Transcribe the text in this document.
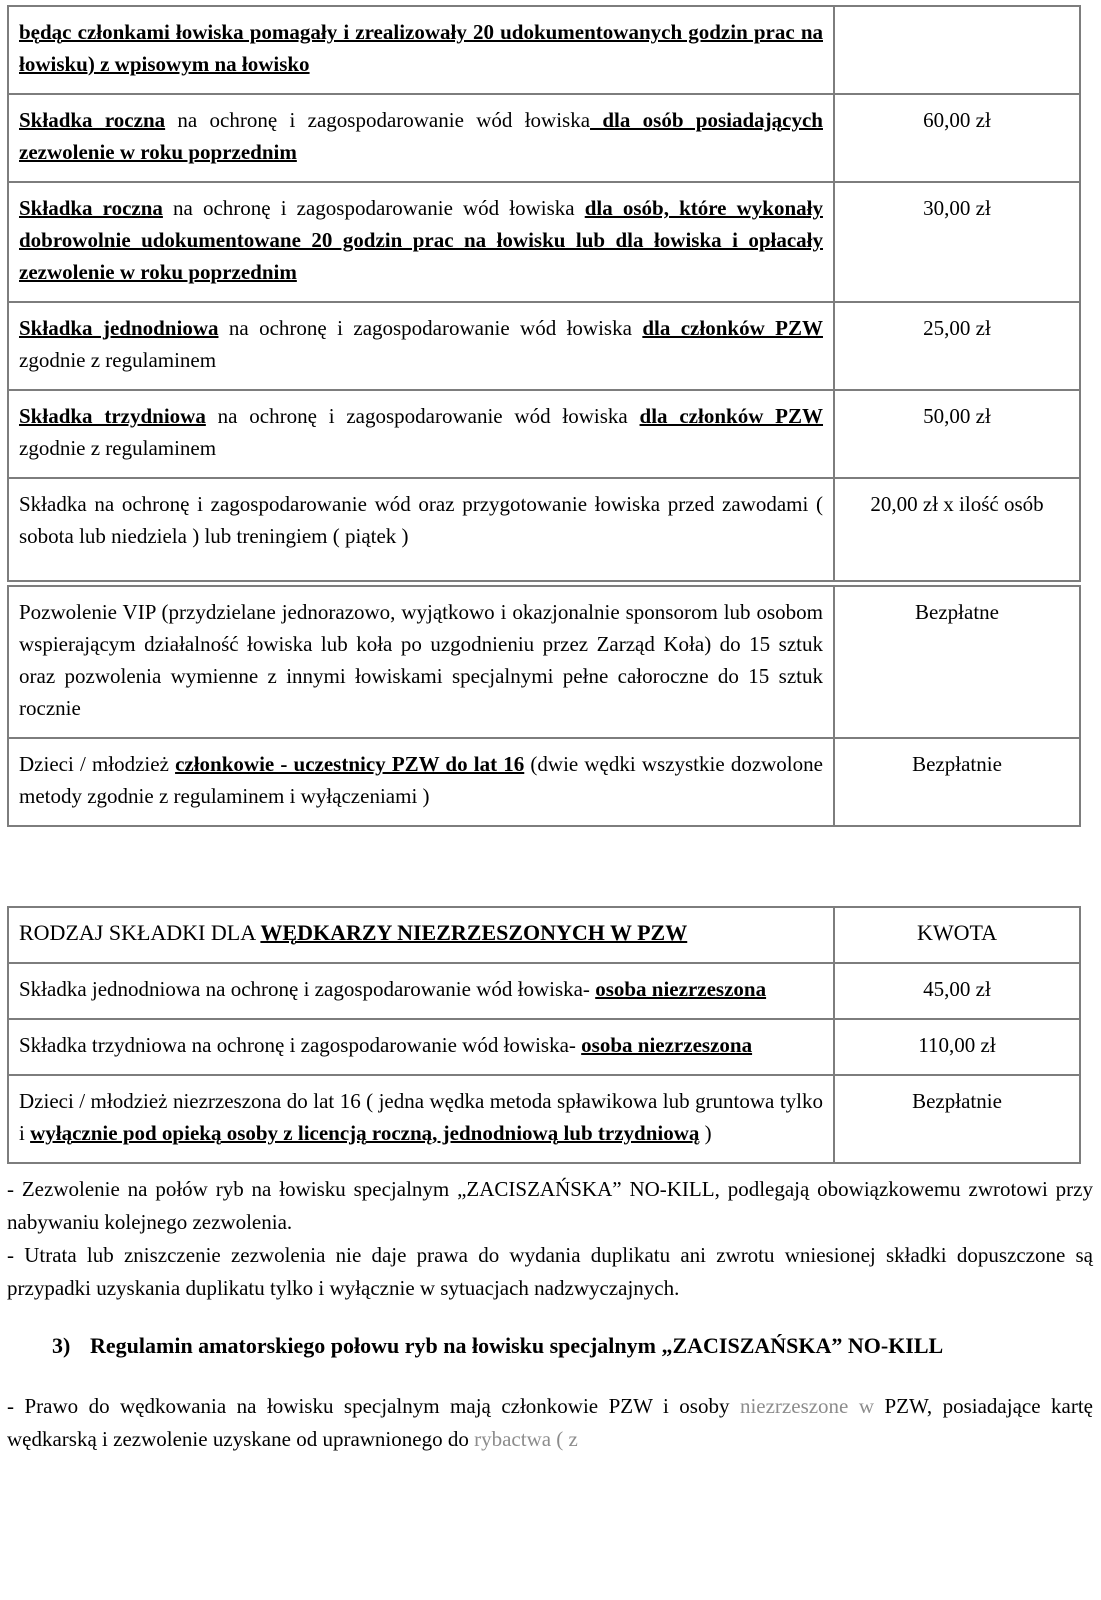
będąc członkami łowiska pomagały i zrealizowały 20 udokumentowanych godzin prac na łowisku) z wpisowym na łowisko	
Składka roczna na ochronę i zagospodarowanie wód łowiska dla osób posiadających zezwolenie w roku poprzednim	60,00 zł
Składka roczna na ochronę i zagospodarowanie wód łowiska dla osób, które wykonały dobrowolnie udokumentowane 20 godzin prac na łowisku lub dla łowiska i opłacały zezwolenie w roku poprzednim	30,00 zł
Składka jednodniowa na ochronę i zagospodarowanie wód łowiska dla członków PZW zgodnie z regulaminem	25,00 zł
Składka trzydniowa na ochronę i zagospodarowanie wód łowiska dla członków PZW zgodnie z regulaminem	50,00 zł
Składka na ochronę i zagospodarowanie wód oraz przygotowanie łowiska przed zawodami ( sobota lub niedziela ) lub treningiem ( piątek )	20,00 zł x ilość osób
Pozwolenie VIP (przydzielane jednorazowo, wyjątkowo i okazjonalnie sponsorom lub osobom wspierającym działalność łowiska lub koła po uzgodnieniu przez Zarząd Koła) do 15 sztuk oraz pozwolenia wymienne z innymi łowiskami specjalnymi pełne całoroczne do 15 sztuk rocznie	Bezpłatne
Dzieci / młodzież członkowie - uczestnicy PZW do lat 16 (dwie wędki wszystkie dozwolone metody zgodnie z regulaminem i wyłączeniami )	Bezpłatnie
RODZAJ SKŁADKI DLA WĘDKARZY NIEZRZESZONYCH W PZW	KWOTA
Składka jednodniowa na ochronę i zagospodarowanie wód łowiska- osoba niezrzeszona	45,00 zł
Składka trzydniowa na ochronę i zagospodarowanie wód łowiska- osoba niezrzeszona	110,00 zł
Dzieci / młodzież niezrzeszona do lat 16 ( jedna wędka metoda spławikowa lub gruntowa tylko i wyłącznie pod opieką osoby z licencją roczną, jednodniową lub trzydniową )	Bezpłatnie

- Zezwolenie na połów ryb na łowisku specjalnym „ZACISZAŃSKA” NO-KILL, podlegają obowiązkowemu zwrotowi przy nabywaniu kolejnego zezwolenia.

- Utrata lub zniszczenie zezwolenia nie daje prawa do wydania duplikatu ani zwrotu wniesionej składki dopuszczone są przypadki uzyskania duplikatu tylko i wyłącznie w sytuacjach nadzwyczajnych.

3) Regulamin amatorskiego połowu ryb na łowisku specjalnym „ZACISZAŃSKA” NO-KILL

- Prawo do wędkowania na łowisku specjalnym mają członkowie PZW i osoby niezrzeszone w PZW, posiadające kartę wędkarską i zezwolenie uzyskane od uprawnionego do rybactwa ( z
